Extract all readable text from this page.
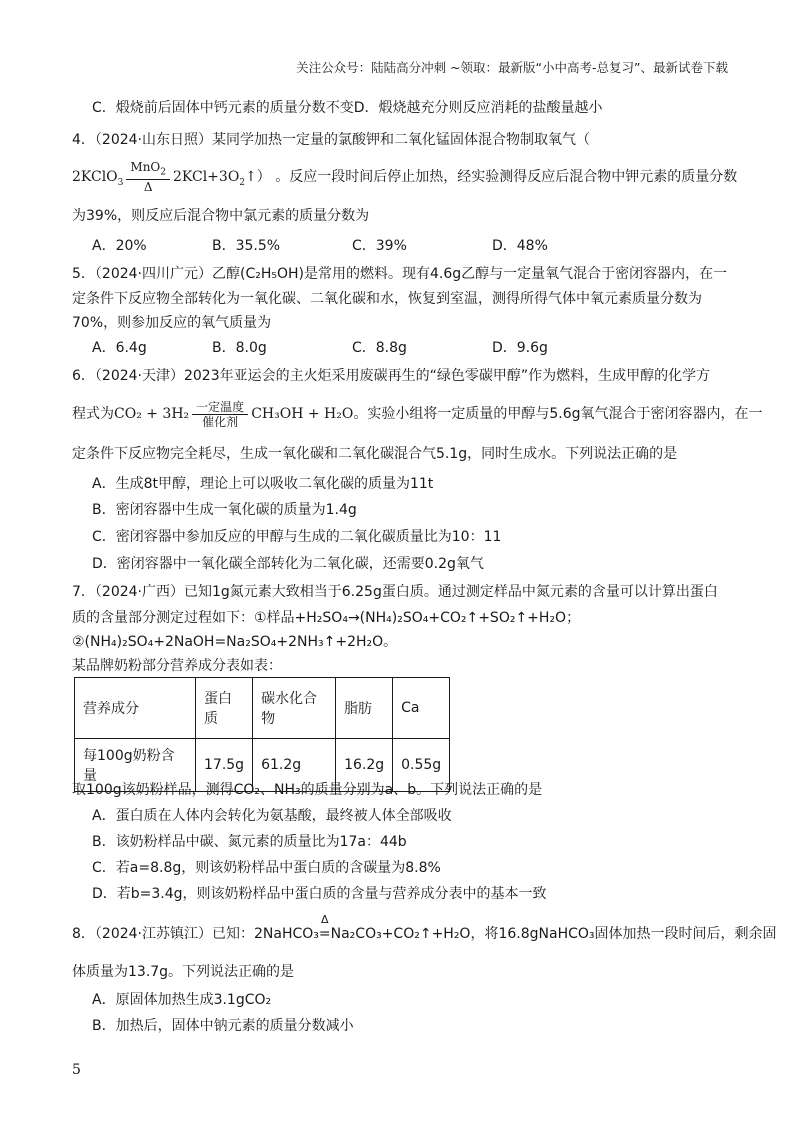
关注公众号：陆陆高分冲刺 ~领取：最新版“小中高考-总复习”、最新试卷下载
C．煅烧前后固体中钙元素的质量分数不变D．煅烧越充分则反应消耗的盐酸量越小
4．（2024·山东日照）某同学加热一定量的氯酸钾和二氧化锰固体混合物制取氧气（
2KClO$_3$ $\frac{MnO_2}{\Delta}$ $2KCl+3O_2↑$） 。反应一段时间后停止加热，经实验测得反应后混合物中钾元素的质量分数
为39%，则反应后混合物中氯元素的质量分数为
A．20%	B．35.5%	C．39%	D．48%
5．（2024·四川广元）乙醇(C₂H₅OH)是常用的燃料。现有4.6g乙醇与一定量氧气混合于密闭容器内，在一
定条件下反应物全部转化为一氧化碳、二氧化碳和水，恢复到室温，测得所得气体中氧元素质量分数为
70%，则参加反应的氧气质量为
A．6.4g	B．8.0g	C．8.8g	D．9.6g
6．（2024·天津）2023年亚运会的主火炬采用废碳再生的“绿色零碳甲醇”作为燃料，生成甲醇的化学方
程式为$CO_2 + 3H_2 \frac{\text{一定温度}}{\text{催化剂}} CH_3OH + H_2O$。实验小组将一定质量的甲醇与5.6g氧气混合于密闭容器内，在一
定条件下反应物完全耗尽，生成一氧化碳和二氧化碳混合气5.1g，同时生成水。下列说法正确的是
A．生成8t甲醇，理论上可以吸收二氧化碳的质量为11t
B．密闭容器中生成一氧化碳的质量为1.4g
C．密闭容器中参加反应的甲醇与生成的二氧化碳质量比为10：11
D．密闭容器中一氧化碳全部转化为二氧化碳，还需要0.2g氧气
7．（2024·广西）已知1g氮元素大致相当于6.25g蛋白质。通过测定样品中氮元素的含量可以计算出蛋白
质的含量部分测定过程如下：①样品+H₂SO₄→(NH₄)₂SO₄+CO₂↑+SO₂↑+H₂O；
②(NH₄)₂SO₄+2NaOH=Na₂SO₄+2NH₃↑+2H₂O。
某品牌奶粉部分营养成分表如表：
营养成分	蛋白质	碳水化合物	脂肪	Ca
每100g奶粉含量	17.5g	61.2g	16.2g	0.55g
取100g该奶粉样品，测得CO₂、NH₃的质量分别为a、b。下列说法正确的是
A．蛋白质在人体内会转化为氨基酸，最终被人体全部吸收
B．该奶粉样品中碳、氮元素的质量比为17a：44b
C．若a=8.8g，则该奶粉样品中蛋白质的含碳量为8.8%
D．若b=3.4g，则该奶粉样品中蛋白质的含量与营养成分表中的基本一致
8．（2024·江苏镇江）已知：2NaHCO₃
Δ
=Na₂CO₃+CO₂↑+H₂O，将16.8gNaHCO₃固体加热一段时间后，剩余固
体质量为13.7g。下列说法正确的是
A．原固体加热生成3.1gCO₂
B．加热后，固体中钠元素的质量分数减小
5
